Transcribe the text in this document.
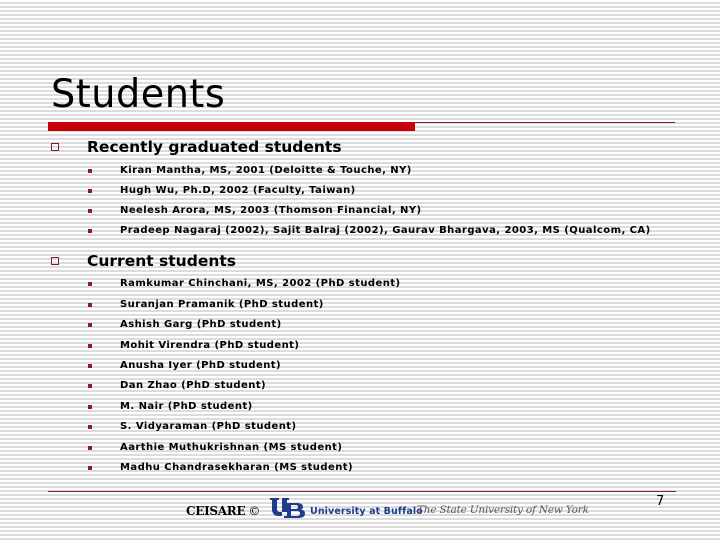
Students
Recently graduated students
Kiran Mantha, MS, 2001 (Deloitte & Touche, NY)
Hugh Wu, Ph.D, 2002 (Faculty, Taiwan)
Neelesh Arora, MS, 2003 (Thomson Financial, NY)
Pradeep Nagaraj (2002), Sajit Balraj (2002), Gaurav Bhargava, 2003, MS (Qualcom, CA)
Current students
Ramkumar Chinchani, MS, 2002 (PhD student)
Suranjan Pramanik (PhD student)
Ashish Garg (PhD student)
Mohit Virendra (PhD student)
Anusha Iyer (PhD student)
Dan Zhao (PhD student)
M. Nair (PhD student)
S. Vidyaraman (PhD student)
Aarthie Muthukrishnan (MS student)
Madhu Chandrasekharan (MS student)
CEISARE ©	University at Buffalo
The State University of New York
7
